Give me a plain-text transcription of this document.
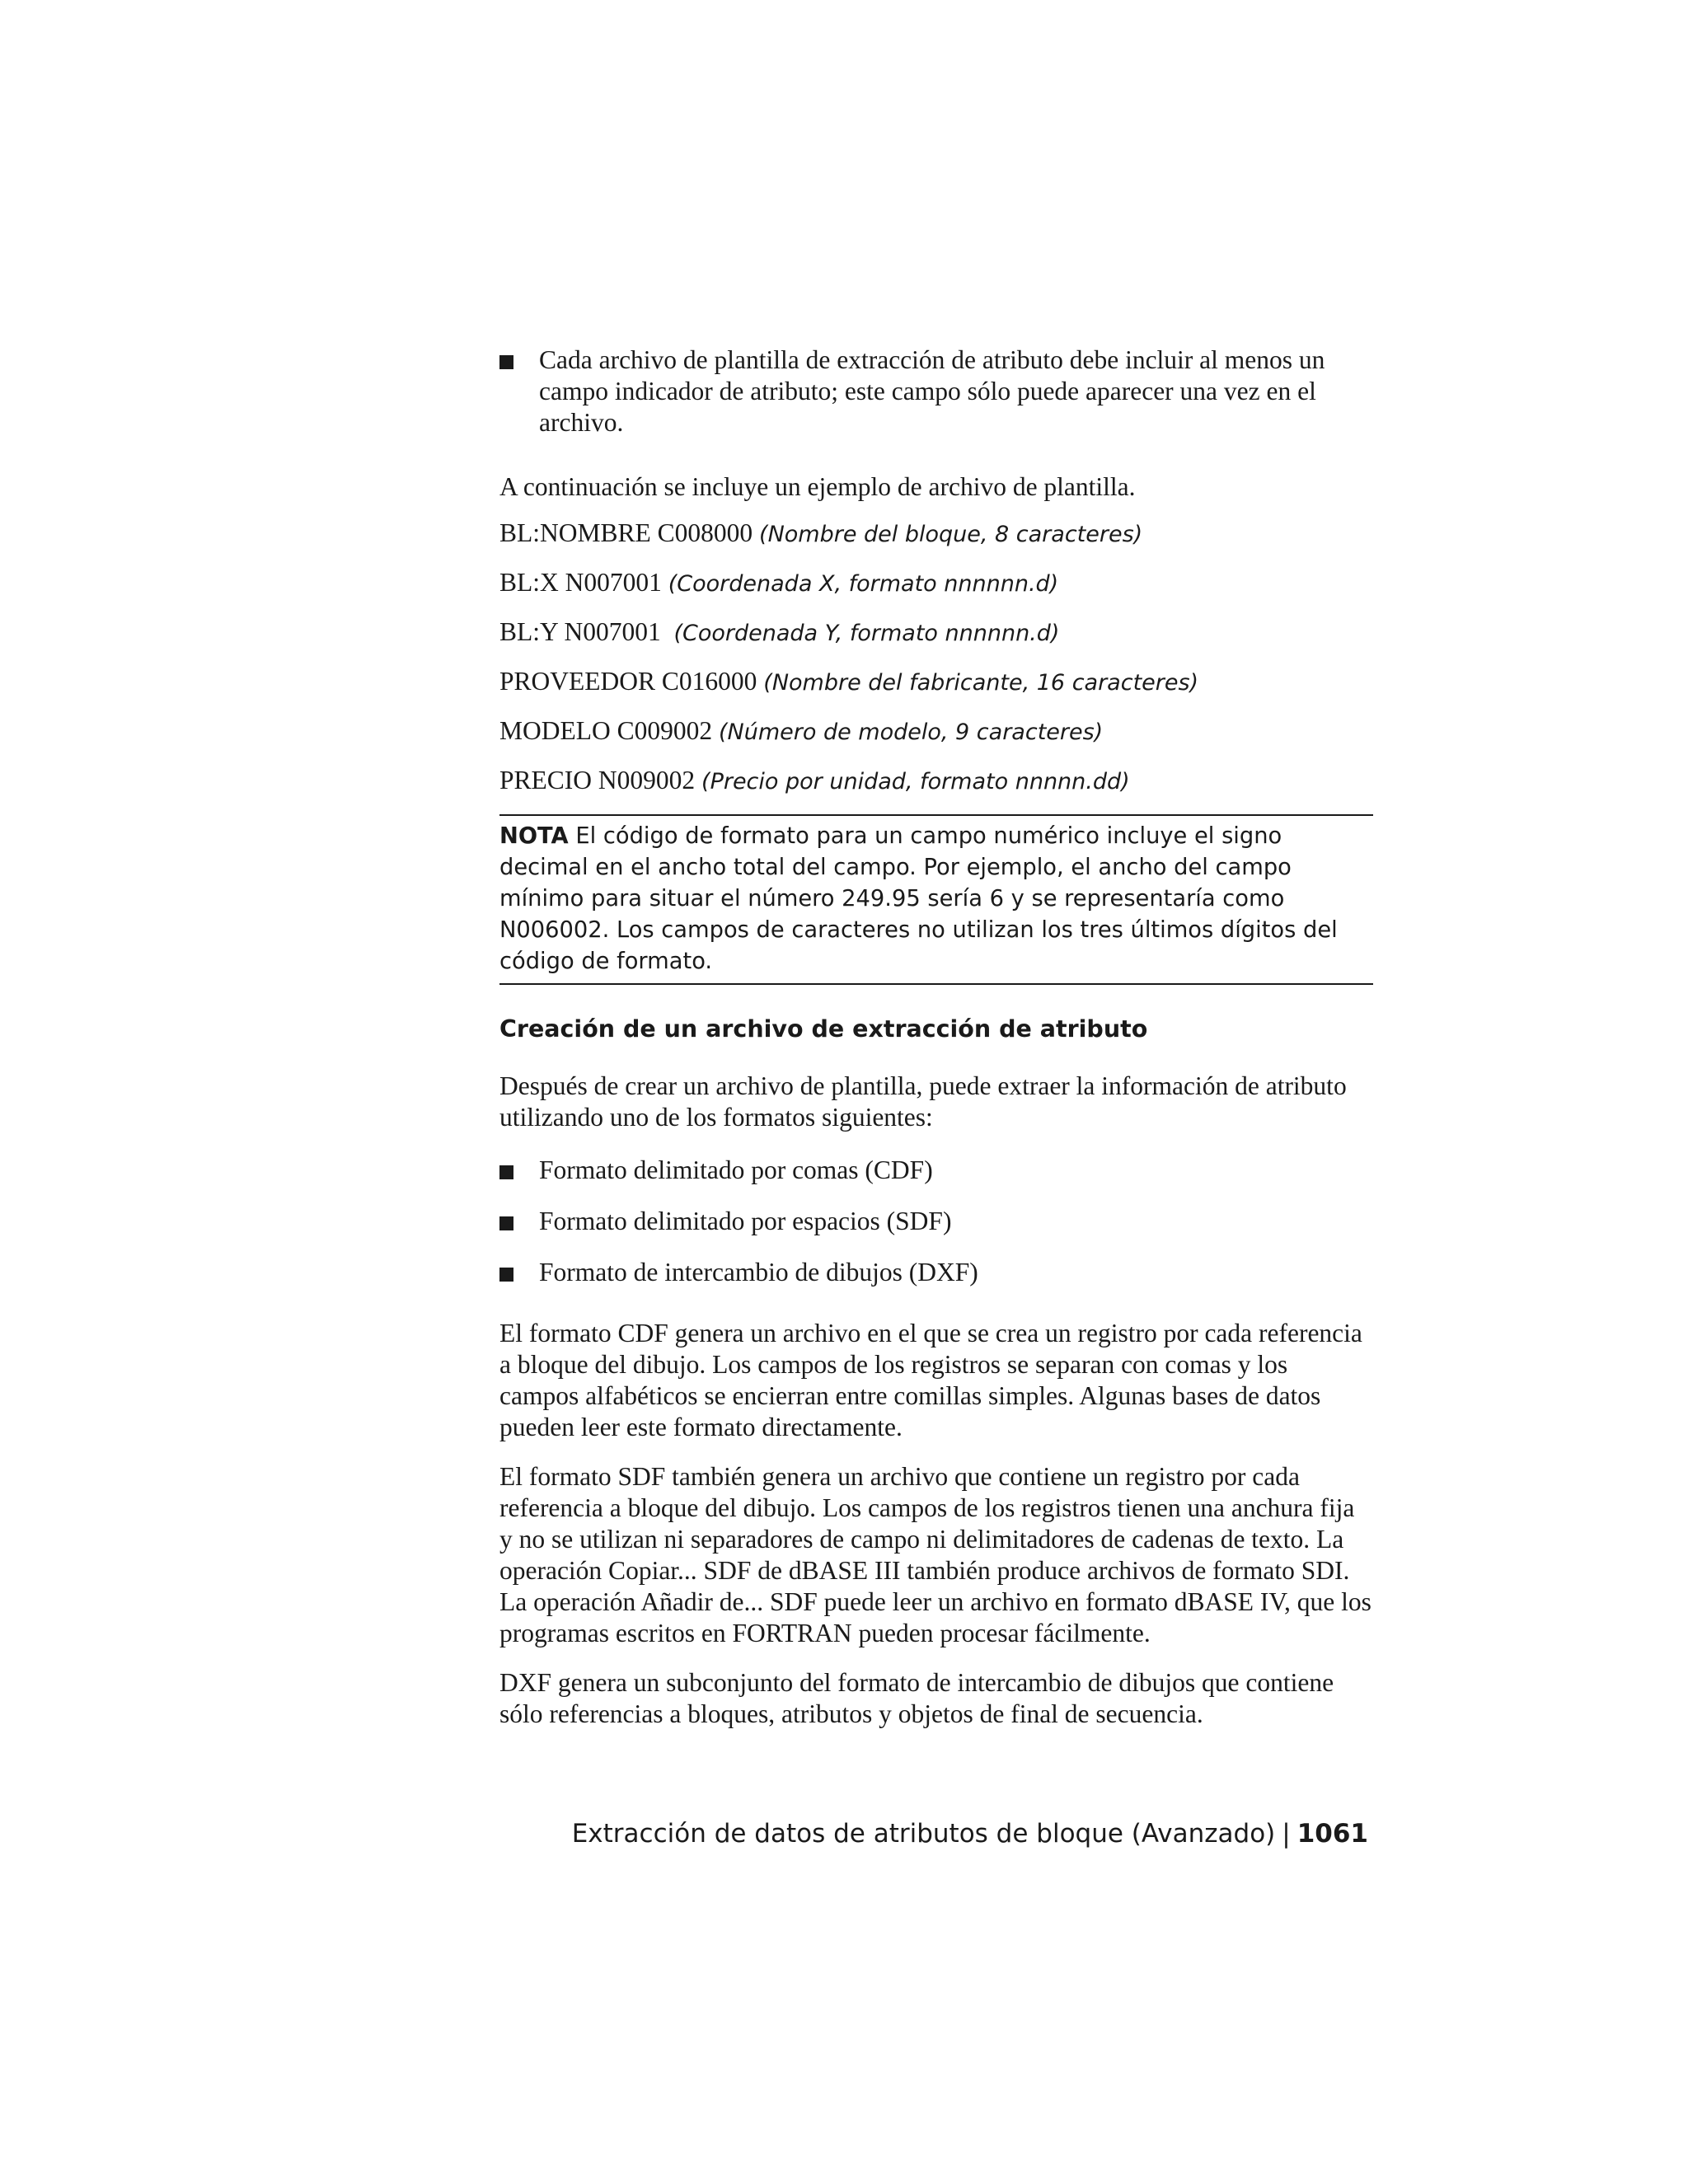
Cada archivo de plantilla de extracción de atributo debe incluir al menos un campo indicador de atributo; este campo sólo puede aparecer una vez en el archivo.

A continuación se incluye un ejemplo de archivo de plantilla.

BL:NOMBRE C008000 (Nombre del bloque, 8 caracteres)
BL:X N007001 (Coordenada X, formato nnnnnn.d)
BL:Y N007001  (Coordenada Y, formato nnnnnn.d)
PROVEEDOR C016000 (Nombre del fabricante, 16 caracteres)
MODELO C009002 (Número de modelo, 9 caracteres)
PRECIO N009002 (Precio por unidad, formato nnnnn.dd)
NOTA El código de formato para un campo numérico incluye el signo decimal en el ancho total del campo. Por ejemplo, el ancho del campo mínimo para situar el número 249.95 sería 6 y se representaría como N006002. Los campos de caracteres no utilizan los tres últimos dígitos del código de formato.
Creación de un archivo de extracción de atributo

Después de crear un archivo de plantilla, puede extraer la información de atributo utilizando uno de los formatos siguientes:

Formato delimitado por comas (CDF)
Formato delimitado por espacios (SDF)
Formato de intercambio de dibujos (DXF)

El formato CDF genera un archivo en el que se crea un registro por cada referencia a bloque del dibujo. Los campos de los registros se separan con comas y los campos alfabéticos se encierran entre comillas simples. Algunas bases de datos pueden leer este formato directamente.

El formato SDF también genera un archivo que contiene un registro por cada referencia a bloque del dibujo. Los campos de los registros tienen una anchura fija y no se utilizan ni separadores de campo ni delimitadores de cadenas de texto. La operación Copiar... SDF de dBASE III también produce archivos de formato SDI. La operación Añadir de... SDF puede leer un archivo en formato dBASE IV, que los programas escritos en FORTRAN pueden procesar fácilmente.

DXF genera un subconjunto del formato de intercambio de dibujos que contiene sólo referencias a bloques, atributos y objetos de final de secuencia.

Extracción de datos de atributos de bloque (Avanzado) | 1061
